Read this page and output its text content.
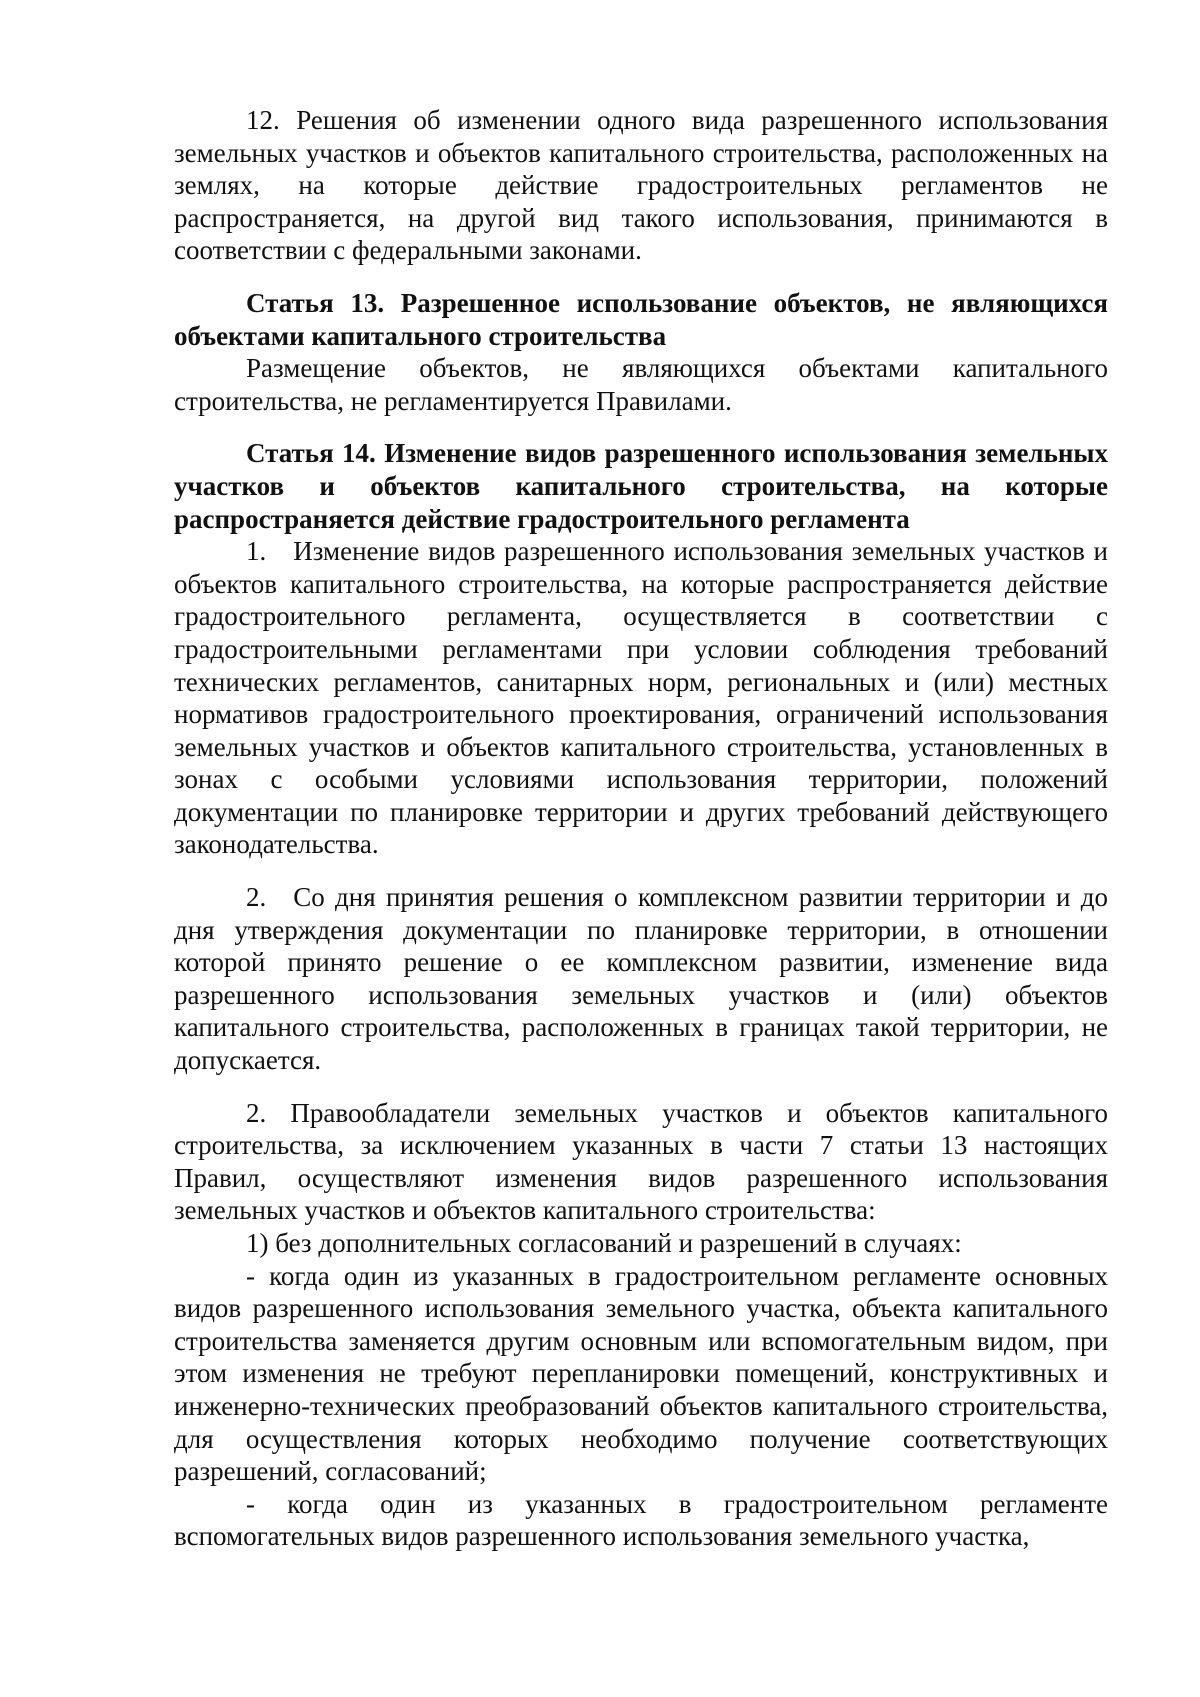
12. Решения об изменении одного вида разрешенного использования земельных участков и объектов капитального строительства, расположенных на землях, на которые действие градостроительных регламентов не распространяется, на другой вид такого использования, принимаются в соответствии с федеральными законами.

Статья 13. Разрешенное использование объектов, не являющихся объектами капитального строительства

Размещение объектов, не являющихся объектами капитального строительства, не регламентируется Правилами.

Статья 14. Изменение видов разрешенного использования земельных участков и объектов капитального строительства, на которые распространяется действие градостроительного регламента

1. Изменение видов разрешенного использования земельных участков и объектов капитального строительства, на которые распространяется действие градостроительного регламента, осуществляется в соответствии с градостроительными регламентами при условии соблюдения требований технических регламентов, санитарных норм, региональных и (или) местных нормативов градостроительного проектирования, ограничений использования земельных участков и объектов капитального строительства, установленных в зонах с особыми условиями использования территории, положений документации по планировке территории и других требований действующего законодательства.

2. Со дня принятия решения о комплексном развитии территории и до дня утверждения документации по планировке территории, в отношении которой принято решение о ее комплексном развитии, изменение вида разрешенного использования земельных участков и (или) объектов капитального строительства, расположенных в границах такой территории, не допускается.

2. Правообладатели земельных участков и объектов капитального строительства, за исключением указанных в части 7 статьи 13 настоящих Правил, осуществляют изменения видов разрешенного использования земельных участков и объектов капитального строительства:

1) без дополнительных согласований и разрешений в случаях:

- когда один из указанных в градостроительном регламенте основных видов разрешенного использования земельного участка, объекта капитального строительства заменяется другим основным или вспомогательным видом, при этом изменения не требуют перепланировки помещений, конструктивных и инженерно-технических преобразований объектов капитального строительства, для осуществления которых необходимо получение соответствующих разрешений, согласований;

- когда один из указанных в градостроительном регламенте вспомогательных видов разрешенного использования земельного участка,
